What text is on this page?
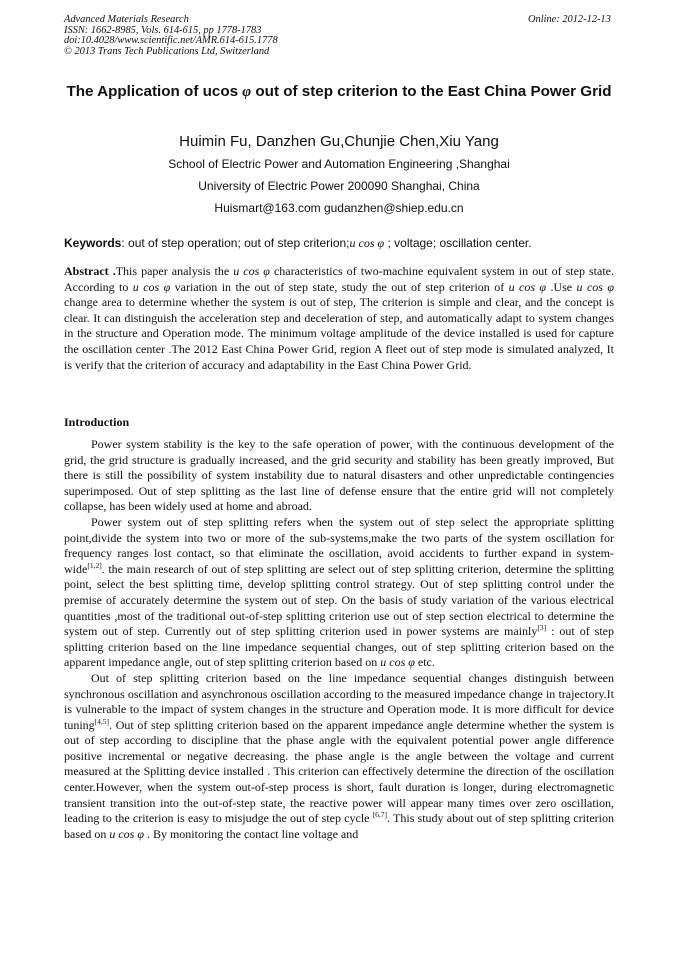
Advanced Materials Research
ISSN: 1662-8985, Vols. 614-615, pp 1778-1783
doi:10.4028/www.scientific.net/AMR.614-615.1778
© 2013 Trans Tech Publications Ltd, Switzerland
Online: 2012-12-13
The Application of ucos φ out of step criterion to the East China Power Grid
Huimin Fu, Danzhen Gu,Chunjie Chen,Xiu Yang
School of Electric Power and Automation Engineering ,Shanghai
University of Electric Power 200090 Shanghai, China
Huismart@163.com gudanzhen@shiep.edu.cn
Keywords: out of step operation; out of step criterion;u cos φ ; voltage; oscillation center.

Abstract .This paper analysis the u cos φ characteristics of two-machine equivalent system in out of step state. According to u cos φ variation in the out of step state, study the out of step criterion of u cos φ .Use u cos φ change area to determine whether the system is out of step, The criterion is simple and clear, and the concept is clear. It can distinguish the acceleration step and deceleration of step, and automatically adapt to system changes in the structure and Operation mode. The minimum voltage amplitude of the device installed is used for capture the oscillation center .The 2012 East China Power Grid, region A fleet out of step mode is simulated analyzed, It is verify that the criterion of accuracy and adaptability in the East China Power Grid.

Introduction

Power system stability is the key to the safe operation of power, with the continuous development of the grid, the grid structure is gradually increased, and the grid security and stability has been greatly improved, But there is still the possibility of system instability due to natural disasters and other unpredictable contingencies superimposed. Out of step splitting as the last line of defense ensure that the entire grid will not completely collapse, has been widely used at home and abroad.

Power system out of step splitting refers when the system out of step select the appropriate splitting point,divide the system into two or more of the sub-systems,make the two parts of the system oscillation for frequency ranges lost contact, so that eliminate the oscillation, avoid accidents to further expand in system-wide[1,2]. the main research of out of step splitting are select out of step splitting criterion, determine the splitting point, select the best splitting time, develop splitting control strategy. Out of step splitting control under the premise of accurately determine the system out of step. On the basis of study variation of the various electrical quantities ,most of the traditional out-of-step splitting criterion use out of step section electrical to determine the system out of step. Currently out of step splitting criterion used in power systems are mainly[3] : out of step splitting criterion based on the line impedance sequential changes, out of step splitting criterion based on the apparent impedance angle, out of step splitting criterion based on u cos φ etc.

Out of step splitting criterion based on the line impedance sequential changes distinguish between synchronous oscillation and asynchronous oscillation according to the measured impedance change in trajectory.It is vulnerable to the impact of system changes in the structure and Operation mode. It is more difficult for device tuning[4,5]. Out of step splitting criterion based on the apparent impedance angle determine whether the system is out of step according to discipline that the phase angle with the equivalent potential power angle difference positive incremental or negative decreasing. the phase angle is the angle between the voltage and current measured at the Splitting device installed . This criterion can effectively determine the direction of the oscillation center.However, when the system out-of-step process is short, fault duration is longer, during electromagnetic transient transition into the out-of-step state, the reactive power will appear many times over zero oscillation, leading to the criterion is easy to misjudge the out of step cycle [6,7]. This study about out of step splitting criterion based on u cos φ . By monitoring the contact line voltage and
